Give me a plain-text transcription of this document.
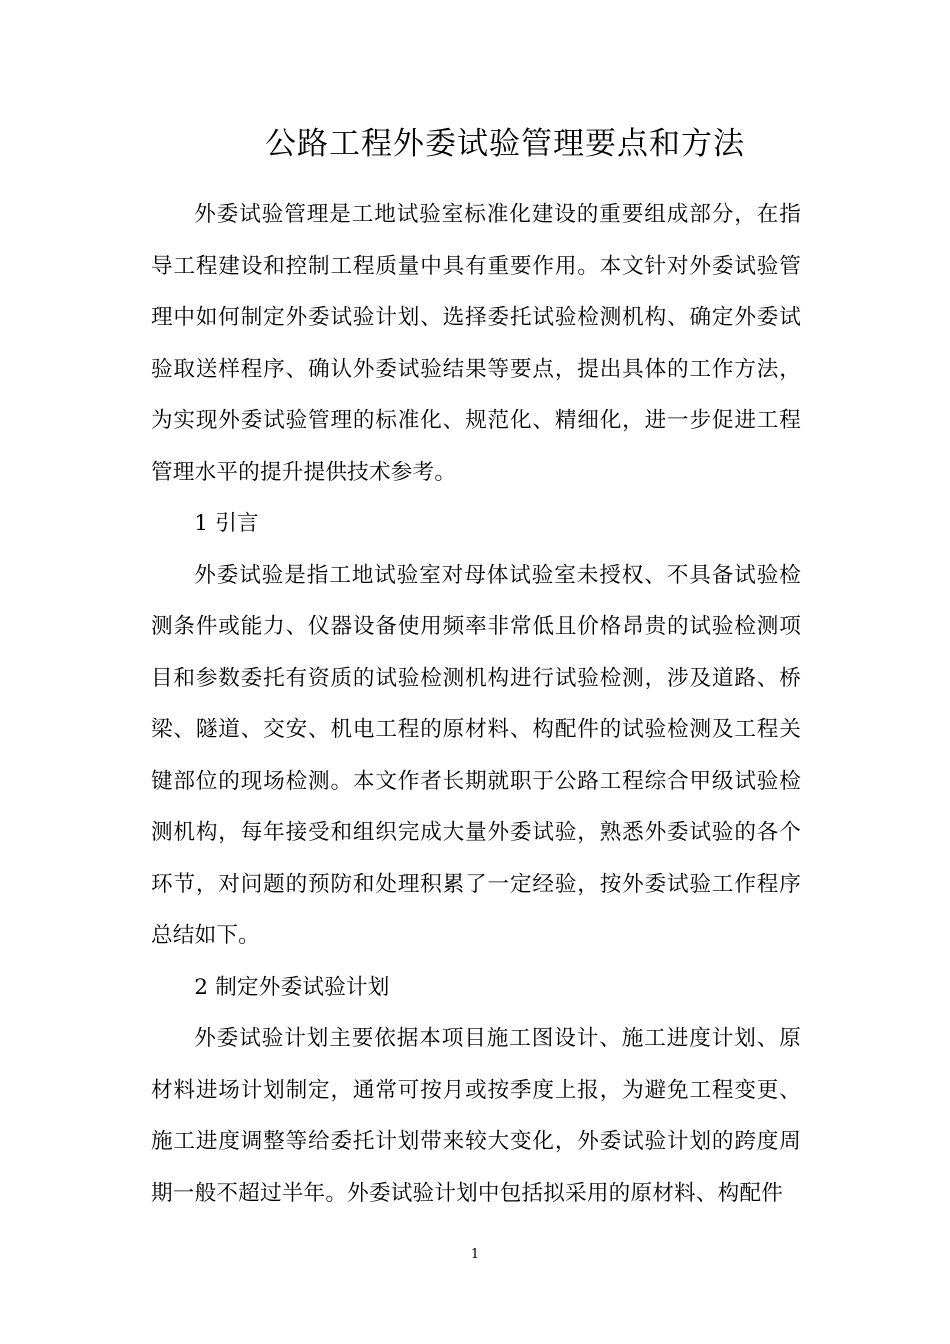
公路工程外委试验管理要点和方法

外委试验管理是工地试验室标准化建设的重要组成部分，在指导工程建设和控制工程质量中具有重要作用。本文针对外委试验管理中如何制定外委试验计划、选择委托试验检测机构、确定外委试验取送样程序、确认外委试验结果等要点，提出具体的工作方法，为实现外委试验管理的标准化、规范化、精细化，进一步促进工程管理水平的提升提供技术参考。

1 引言

外委试验是指工地试验室对母体试验室未授权、不具备试验检测条件或能力、仪器设备使用频率非常低且价格昂贵的试验检测项目和参数委托有资质的试验检测机构进行试验检测，涉及道路、桥梁、隧道、交安、机电工程的原材料、构配件的试验检测及工程关键部位的现场检测。本文作者长期就职于公路工程综合甲级试验检测机构，每年接受和组织完成大量外委试验，熟悉外委试验的各个环节，对问题的预防和处理积累了一定经验，按外委试验工作程序总结如下。

2 制定外委试验计划

外委试验计划主要依据本项目施工图设计、施工进度计划、原材料进场计划制定，通常可按月或按季度上报，为避免工程变更、施工进度调整等给委托计划带来较大变化，外委试验计划的跨度周期一般不超过半年。外委试验计划中包括拟采用的原材料、构配件

1
